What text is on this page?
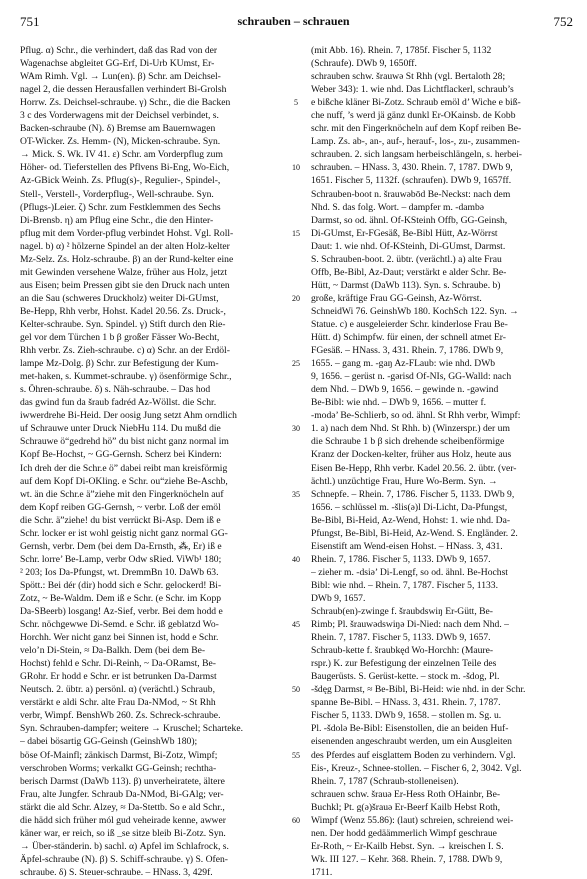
751	schrauben – schrauen	752
Pflug. α) Schr., die verhindert, daß das Rad von der
Wagenachse abgleitet GG-Erf, Di-Urb KUmst, Er-
WAm Rimh. Vgl. → Lun(en). β) Schr. am Deichsel-
nagel 2, die dessen Herausfallen verhindert Bi-Grolsh
Horrw. Zs. Deichsel-schraube. γ) Schr., die die Backen
3 c des Vorderwagens mit der Deichsel verbindet, s.
Backen-schraube (N). δ) Bremse am Bauernwagen
OT-Wicker. Zs. Hemm- (N), Micken-schraube. Syn.
→ Mick. S. Wk. IV 41. ε) Schr. am Vorderpflug zum
Höher- od. Tieferstellen des Pflvens Bi-Eng, Wo-Eich,
Az-GBick Weinh. Zs. Pflug(s)-, Regulier-, Spindel-,
Stell-, Verstell-, Vorderpflug-, Well-schraube. Syn.
(Pflugs-)Leier. ζ) Schr. zum Festklemmen des Sechs
Di-Brensb. η) am Pflug eine Schr., die den Hinter-
pflug mit dem Vorder-pflug verbindet Hohst. Vgl. Roll-
nagel. b) α) ² hölzerne Spindel an der alten Holz-kelter
Mz-Selz. Zs. Holz-schraube. β) an der Rund-kelter eine
mit Gewinden versehene Walze, früher aus Holz, jetzt
aus Eisen; beim Pressen gibt sie den Druck nach unten
an die Sau (schweres Druckholz) weiter Di-GUmst,
Be-Hepp, Rhh verbr, Hohst. Kadel 20.56. Zs. Druck-,
Kelter-schraube. Syn. Spindel. γ) Stift durch den Rie-
gel vor dem Türchen 1 b β großer Fässer Wo-Becht,
Rhh verbr. Zs. Zieh-schraube. c) α) Schr. an der Erdöl-
lampe Mz-Dolg. β) Schr. zur Befestigung der Kum-
met-haken, s. Kummet-schraube. γ) ösenförmige Schr.,
s. Öhren-schraube. δ) s. Näh-schraube. – Das hod
das gwind fun da šraub fadréd Az-Wöllst. die Schr.
iwwerdrehe Bi-Heid. Der oosig Jung setzt Ahm orndlich
uf Schrauwe unter Druck NiebHu 114. Du mußd die
Schrauwe ö“gedrehd hö” du bist nicht ganz normal im
Kopf Be-Hochst, ~ GG-Gernsh. Scherz bei Kindern:
Ich dreh der die Schr.e ö” dabei reibt man kreisförmig
auf dem Kopf Di-OKling. e Schr. ou“ziehe Be-Aschb,
wt. än die Schr.e ä”ziehe mit den Fingerknöcheln auf
dem Kopf reiben GG-Gernsh, ~ verbr. Loß der emöl
die Schr. ä”ziehe! du bist verrückt Bi-Asp. Dem iß e
Schr. locker er ist wohl geistig nicht ganz normal GG-
Gernsh, verbr. Dem (bei dem Da-Ernsth, ⁂, Er) iß e
Schr. lorre’ Be-Lamp, verbr Odw sRied. ViWb¹ 180;
² 203; Ios Da-Pfungst, wt. DremmBn 10. DaWb 63.
Spött.: Bei dér (dir) hodd sich e Schr. gelockerd! Bi-
Zotz, ~ Be-Waldm. Dem iß e Schr. (e Schr. im Kopp
Da-SBeerb) losgang! Az-Sief, verbr. Bei dem hodd e
Schr. nöchgewwe Di-Semd. e Schr. iß geblatzd Wo-
Horchh. Wer nicht ganz bei Sinnen ist, hodd e Schr.
velo’n Di-Stein, ≈ Da-Balkh. Dem (bei dem Be-
Hochst) fehld e Schr. Di-Reinh, ~ Da-ORamst, Be-
GRohr. Er hodd e Schr. er ist betrunken Da-Darmst
Neutsch. 2. übtr. a) persönl. α) (verächtl.) Schraub,
verstärkt e aldi Schr. alte Frau Da-NMod, ~ St Rhh
verbr, Wimpf. BenshWb 260. Zs. Schreck-schraube.
Syn. Schrauben-dampfer; weitere → Kruschel; Scharteke.
– dabei bösartig GG-Geinsh (GeinshWb 180);
böse Of-Mainfl; zänkisch Darmst, Bi-Zotz, Wimpf;
verschroben Worms; verkalkt GG-Geinsh; rechtha-
berisch Darmst (DaWb 113). β) unverheiratete, ältere
Frau, alte Jungfer. Schraub Da-NMod, Bi-GAlg; ver-
stärkt die ald Schr. Alzey, ≈ Da-Stettb. So e ald Schr.,
die hädd sich früher mól gud veheirade kenne, awwer
käner war, er reich, so iß _se sitze bleib Bi-Zotz. Syn.
→ Über-ständerin. b) sachl. α) Apfel im Schlafrock, s.
Äpfel-schraube (N). β) S. Schiff-schraube. γ) S. Ofen-
schraube. δ) S. Steuer-schraube. – HNass. 3, 429f.
5
10
15
20
25
30
35
40
45
50
55
60
(mit Abb. 16). Rhein. 7, 1785f. Fischer 5, 1132
(Schraufe). DWb 9, 1650ff.
schrauben schw. šrauwə St Rhh (vgl. Bertaloth 28;
Weber 343): 1. wie nhd. Das Lichtflackerl, schraub’s
e bißche kläner Bi-Zotz. Schraub emöl d’ Wiche e biß-
che nuff, ’s werd jä gänz dunkl Er-OKainsb. de Kobb
schr. mit den Fingerknöcheln auf dem Kopf reiben Be-
Lamp. Zs. ab-, an-, auf-, herauf-, los-, zu-, zusammen-
schrauben. 2. sich langsam herbeischlängeln, s. herbei-
schrauben. – HNass. 3, 430. Rhein. 7, 1787. DWb 9,
1651. Fischer 5, 1132f. (schraufen). DWb 9, 1657ff.
Schrauben-boot n. šrauwəbōd Be-Neckst: nach dem
Nhd. S. das folg. Wort. – dampfer m. -dambə
Darmst, so od. ähnl. Of-KSteinh Offb, GG-Geinsh,
Di-GUmst, Er-FGesäß, Be-Bibl Hütt, Az-Wörrst
Daut: 1. wie nhd. Of-KSteinh, Di-GUmst, Darmst.
S. Schrauben-boot. 2. übtr. (verächtl.) a) alte Frau
Offb, Be-Bibl, Az-Daut; verstärkt e alder Schr. Be-
Hütt, ~ Darmst (DaWb 113). Syn. s. Schraube. b)
große, kräftige Frau GG-Geinsh, Az-Wörrst.
SchneidWi 76. GeinshWb 180. KochSch 122. Syn. →
Statue. c) e ausgeleierder Schr. kinderlose Frau Be-
Hütt. d) Schimpfw. für einen, der schnell atmet Er-
FGesäß. – HNass. 3, 431. Rhein. 7, 1786. DWb 9,
1655. – gang m. -gaŋ Az-FLaub: wie nhd. DWb
9, 1656. – gerüst n. -gərisd Of-NIs, GG-Walld: nach
dem Nhd. – DWb 9, 1656. – gewinde n. -gəwind
Be-Bibl: wie nhd. – DWb 9, 1656. – mutter f.
-modə’ Be-Schlierb, so od. ähnl. St Rhh verbr, Wimpf:
1. a) nach dem Nhd. St Rhh. b) (Winzerspr.) der um
die Schraube 1 b β sich drehende scheibenförmige
Kranz der Docken-kelter, früher aus Holz, heute aus
Eisen Be-Hepp, Rhh verbr. Kadel 20.56. 2. übtr. (ver-
ächtl.) unzüchtige Frau, Hure Wo-Berm. Syn. →
Schnepfe. – Rhein. 7, 1786. Fischer 5, 1133. DWb 9,
1656. – schlüssel m. -šlis(ə)l Di-Licht, Da-Pfungst,
Be-Bibl, Bi-Heid, Az-Wend, Hohst: 1. wie nhd. Da-
Pfungst, Be-Bibl, Bi-Heid, Az-Wend. S. Engländer. 2.
Eisenstift am Wend-eisen Hohst. – HNass. 3, 431.
Rhein. 7, 1786. Fischer 5, 1133. DWb 9, 1657.
– zieher m. -dsiə’ Di-Lengf, so od. ähnl. Be-Hochst
Bibl: wie nhd. – Rhein. 7, 1787. Fischer 5, 1133.
DWb 9, 1657.
Schraub(en)-zwinge f. šraubdswiŋ Er-Gütt, Be-
Rimb; Pl. šrauwədswiŋə Di-Nied: nach dem Nhd. –
Rhein. 7, 1787. Fischer 5, 1133. DWb 9, 1657.
Schraub-kette f. šraubkęd Wo-Horchh: (Maure-
rspr.) K. zur Befestigung der einzelnen Teile des
Baugerüsts. S. Gerüst-kette. – stock m. -šdog, Pl.
-šdęg Darmst, ≈ Be-Bibl, Bi-Heid: wie nhd. in der Schr.
spanne Be-Bibl. – HNass. 3, 431. Rhein. 7, 1787.
Fischer 5, 1133. DWb 9, 1658. – stollen m. Sg. u.
Pl. -šdolə Be-Bibl: Eisenstollen, die an beiden Huf-
eisenenden angeschraubt werden, um ein Ausgleiten
des Pferdes auf eisglattem Boden zu verhindern. Vgl.
Eis-, Kreuz-, Schnee-stollen. – Fischer 6, 2, 3042. Vgl.
Rhein. 7, 1787 (Schraub-stolleneisen).
schrauen schw. šrauə Er-Hess Roth OHainbr, Be-
Buchkl; Pt. g(ə)šrauə Er-Beerf Kailb Hebst Roth,
Wimpf (Wenz 55.86): (laut) schreien, schreiend wei-
nen. Der hodd gedäämmerlich Wimpf geschraue
Er-Roth, ~ Er-Kailb Hebst. Syn. → kreischen I. S.
Wk. III 127. – Kehr. 368. Rhein. 7, 1788. DWb 9,
1711.
